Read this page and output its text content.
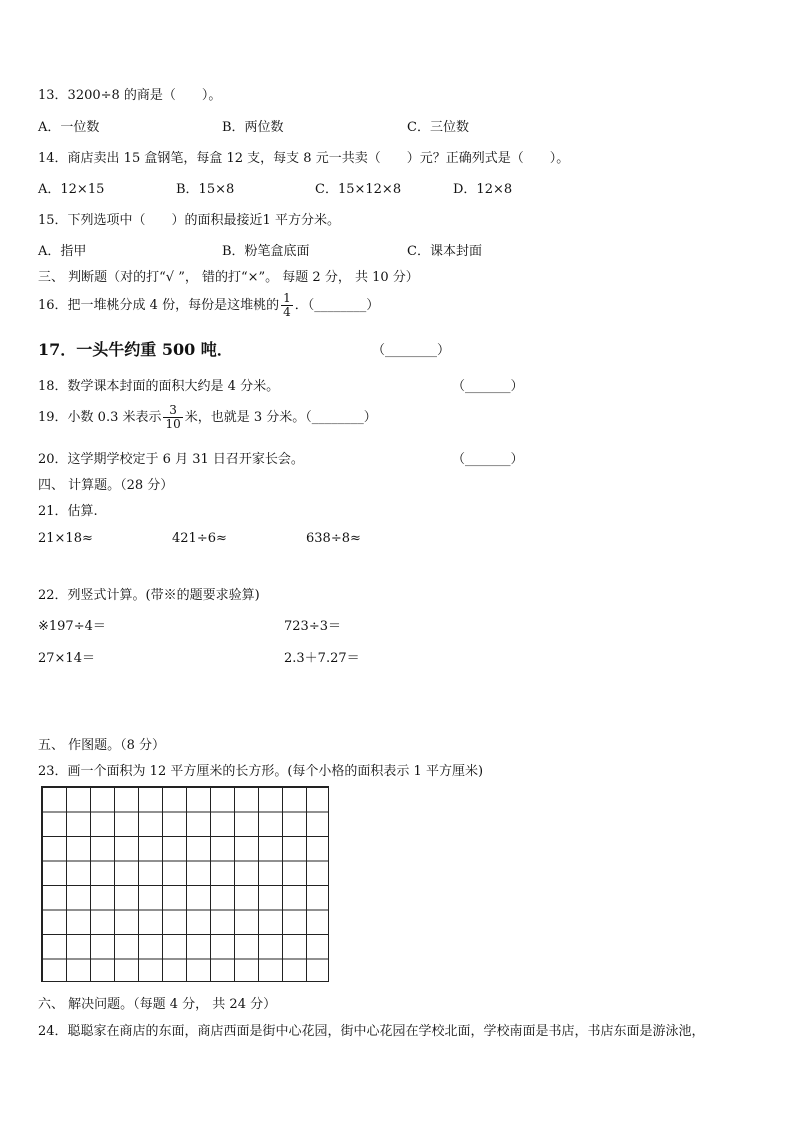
13．3200÷8 的商是（　　）。
A．一位数	B．两位数	C．三位数
14．商店卖出 15 盒钢笔，每盒 12 支，每支 8 元一共卖（　　）元？正确列式是（　　）。
A．12×15	B．15×8	C．15×12×8	D．12×8
15．下列选项中（　　）的面积最接近1 平方分米。
A．指甲	B．粉笔盒底面	C．课本封面
三、 判断题（对的打“√ ”， 错的打“×”。 每题 2 分， 共 10 分）
16．把一堆桃分成 4 份，每份是这堆桃的 $\frac{1}{4}$ ．（________）
17．一头牛约重 500 吨．	（________）
18．数学课本封面的面积大约是 4 分米。	（_______）
19．小数 0.3 米表示 $\frac{3}{10}$ 米，也就是 3 分米。（________）
20．这学期学校定于 6 月 31 日召开家长会。	（_______）
四、 计算题。（28 分）
21．估算.
21×18≈	421÷6≈	638÷8≈
22．列竖式计算。(带※的题要求验算)
※197÷4＝	723÷3＝
27×14＝	2.3＋7.27＝
五、 作图题。（8 分）
23．画一个面积为 12 平方厘米的长方形。(每个小格的面积表示 1 平方厘米)
六、 解决问题。（每题 4 分， 共 24 分）
24．聪聪家在商店的东面，商店西面是街中心花园，街中心花园在学校北面，学校南面是书店，书店东面是游泳池，
